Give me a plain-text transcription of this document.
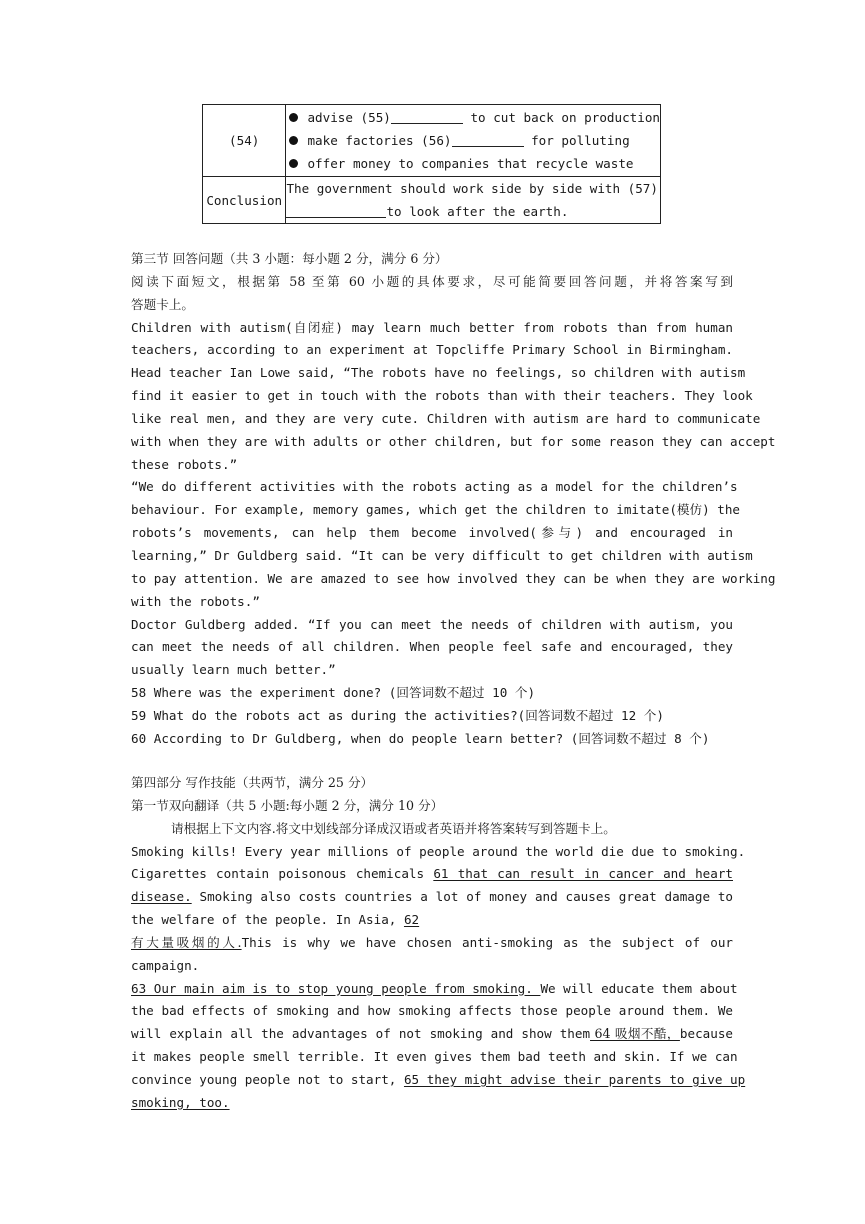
(54)	advise (55) to cut back on production
make factories (56) for polluting
offer money to companies that recycle waste

Conclusion	The government should work side by side with (57)
to look after the earth.
第三节 回答问题（共 3 小题：每小题 2 分，满分 6 分）
阅读下面短文，根据第 58 至第 60 小题的具体要求，尽可能简要回答问题，并将答案写到
答题卡上。
Children with autism(自闭症) may learn much better from robots than from human
teachers, according to an experiment at Topcliffe Primary School in Birmingham.
Head teacher Ian Lowe said, “The robots have no feelings, so children with autism
find it easier to get in touch with the robots than with their teachers. They look
like real men, and they are very cute. Children with autism are hard to communicate
with when they are with adults or other children, but for some reason they can accept
these robots.”
“We do different activities with the robots acting as a model for the children’s
behaviour. For example, memory games, which get the children to imitate(模仿) the
robots’s movements, can help them become involved(参与) and encouraged in
learning,” Dr Guldberg said. “It can be very difficult to get children with autism
to pay attention. We are amazed to see how involved they can be when they are working
with the robots.”
Doctor Guldberg added. “If you can meet the needs of children with autism, you
can meet the needs of all children. When people feel safe and encouraged, they
usually learn much better.”
58 Where was the experiment done? (回答词数不超过 10 个)
59 What do the robots act as during the activities?(回答词数不超过 12 个)
60 According to Dr Guldberg, when do people learn better? (回答词数不超过 8 个)
第四部分 写作技能（共两节，满分 25 分）
第一节双向翻译（共 5 小题:每小题 2 分，满分 10 分）
请根据上下文内容.将文中划线部分译成汉语或者英语并将答案转写到答题卡上。
Smoking kills! Every year millions of people around the world die due to smoking.
Cigarettes contain poisonous chemicals 61 that can result in cancer and heart
disease. Smoking also costs countries a lot of money and causes great damage to
the welfare of the people. In Asia, 62
有大量吸烟的人.This is why we have chosen anti-smoking as the subject of our
campaign.
63 Our main aim is to stop young people from smoking. We will educate them about
the bad effects of smoking and how smoking affects those people around them. We
will explain all the advantages of not smoking and show them 64 吸烟不酷，because
it makes people smell terrible. It even gives them bad teeth and skin. If we can
convince young people not to start, 65 they might advise their parents to give up
smoking, too.
